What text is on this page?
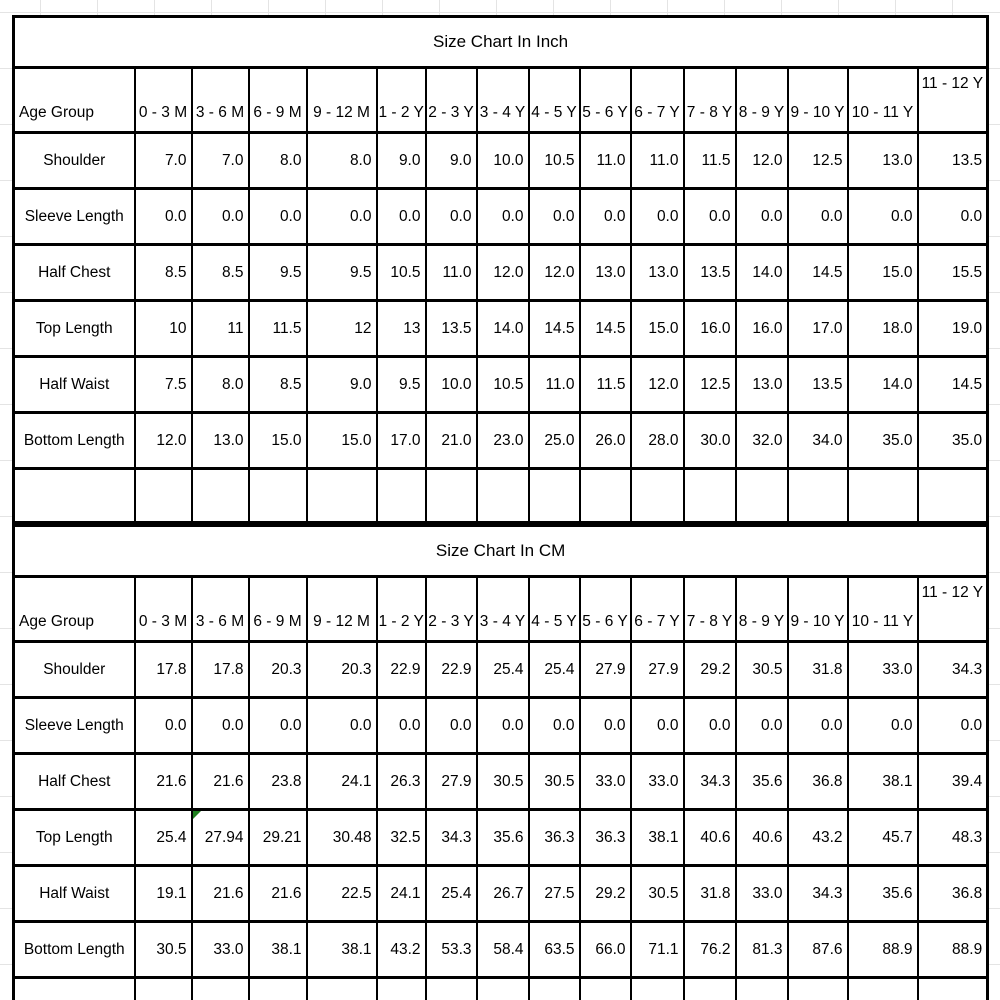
Size Chart In Inch															
Age Group	0 - 3 M	3 - 6 M	6 - 9 M	9 - 12 M	1 - 2 Y	2 - 3 Y	3 - 4 Y	4 - 5 Y	5 - 6 Y	6 - 7 Y	7 - 8 Y	8 - 9 Y	9 - 10 Y	10 - 11 Y	11 - 12 Y
Shoulder	7.0	7.0	8.0	8.0	9.0	9.0	10.0	10.5	11.0	11.0	11.5	12.0	12.5	13.0	13.5
Sleeve Length	0.0	0.0	0.0	0.0	0.0	0.0	0.0	0.0	0.0	0.0	0.0	0.0	0.0	0.0	0.0
Half Chest	8.5	8.5	9.5	9.5	10.5	11.0	12.0	12.0	13.0	13.0	13.5	14.0	14.5	15.0	15.5
Top Length	10	11	11.5	12	13	13.5	14.0	14.5	14.5	15.0	16.0	16.0	17.0	18.0	19.0
Half Waist	7.5	8.0	8.5	9.0	9.5	10.0	10.5	11.0	11.5	12.0	12.5	13.0	13.5	14.0	14.5
Bottom Length	12.0	13.0	15.0	15.0	17.0	21.0	23.0	25.0	26.0	28.0	30.0	32.0	34.0	35.0	35.0

Size Chart In CM															
Age Group	0 - 3 M	3 - 6 M	6 - 9 M	9 - 12 M	1 - 2 Y	2 - 3 Y	3 - 4 Y	4 - 5 Y	5 - 6 Y	6 - 7 Y	7 - 8 Y	8 - 9 Y	9 - 10 Y	10 - 11 Y	11 - 12 Y
Shoulder	17.8	17.8	20.3	20.3	22.9	22.9	25.4	25.4	27.9	27.9	29.2	30.5	31.8	33.0	34.3
Sleeve Length	0.0	0.0	0.0	0.0	0.0	0.0	0.0	0.0	0.0	0.0	0.0	0.0	0.0	0.0	0.0
Half Chest	21.6	21.6	23.8	24.1	26.3	27.9	30.5	30.5	33.0	33.0	34.3	35.6	36.8	38.1	39.4
Top Length	25.4	27.94	29.21	30.48	32.5	34.3	35.6	36.3	36.3	38.1	40.6	40.6	43.2	45.7	48.3
Half Waist	19.1	21.6	21.6	22.5	24.1	25.4	26.7	27.5	29.2	30.5	31.8	33.0	34.3	35.6	36.8
Bottom Length	30.5	33.0	38.1	38.1	43.2	53.3	58.4	63.5	66.0	71.1	76.2	81.3	87.6	88.9	88.9
